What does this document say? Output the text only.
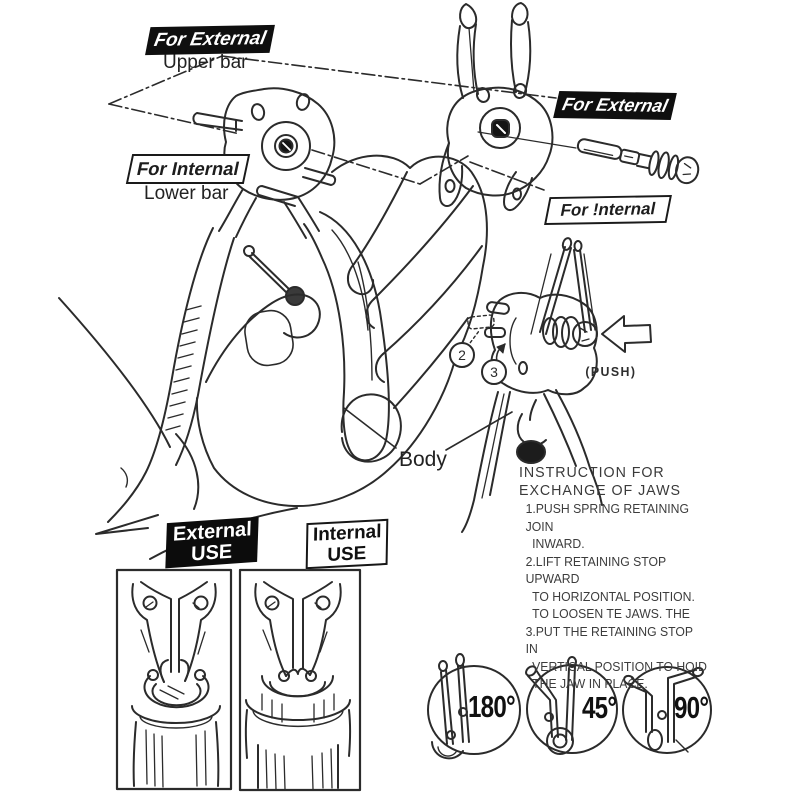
For External
Upper bar
For Internal
Lower bar
For External
For !nternal
Body
(PUSH)
2
3
INSTRUCTION FOR
EXCHANGE OF JAWS
1.PUSH SPRING RETAINING JOIN
INWARD.
2.LIFT RETAINING STOP UPWARD
TO HORIZONTAL POSITION.
TO LOOSEN TE JAWS. THE
3.PUT THE RETAINING STOP IN
VERTICAL POSITION TO HOID
THE JAW IN PLACE.
External
USE
Internal
USE
180° 45° 90°
